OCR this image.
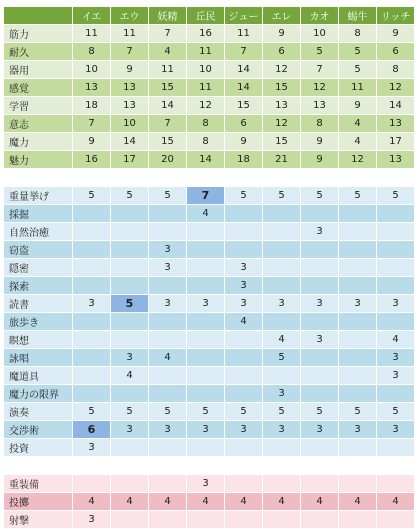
	イエ	エウ	妖精	丘民	ジュー	エレ	カオ	蜴牛	リッチ
筋力	11	11	7	16	11	9	10	8	9
耐久	8	7	4	11	7	6	5	5	6
器用	10	9	11	10	14	12	7	5	8
感覚	13	13	15	11	14	15	12	11	12
学習	18	13	14	12	15	13	13	9	14
意志	7	10	7	8	6	12	8	4	13
魔力	9	14	15	8	9	15	9	4	17
魅力	16	17	20	14	18	21	9	12	13

重量挙げ	5	5	5	7	5	5	5	5	5
採掘				4					
自然治癒							3		
窃盗			3						
隠密			3		3				
探索					3				
読書	3	5	3	3	3	3	3	3	3
旅歩き					4				
瞑想						4	3		4
詠唱		3	4			5			3
魔道具		4							3
魔力の限界						3			
演奏	5	5	5	5	5	5	5	5	5
交渉術	6	3	3	3	3	3	3	3	3
投資	3								

重装備				3					
投擲	4	4	4	4	4	4	4	4	4
射撃	3								
